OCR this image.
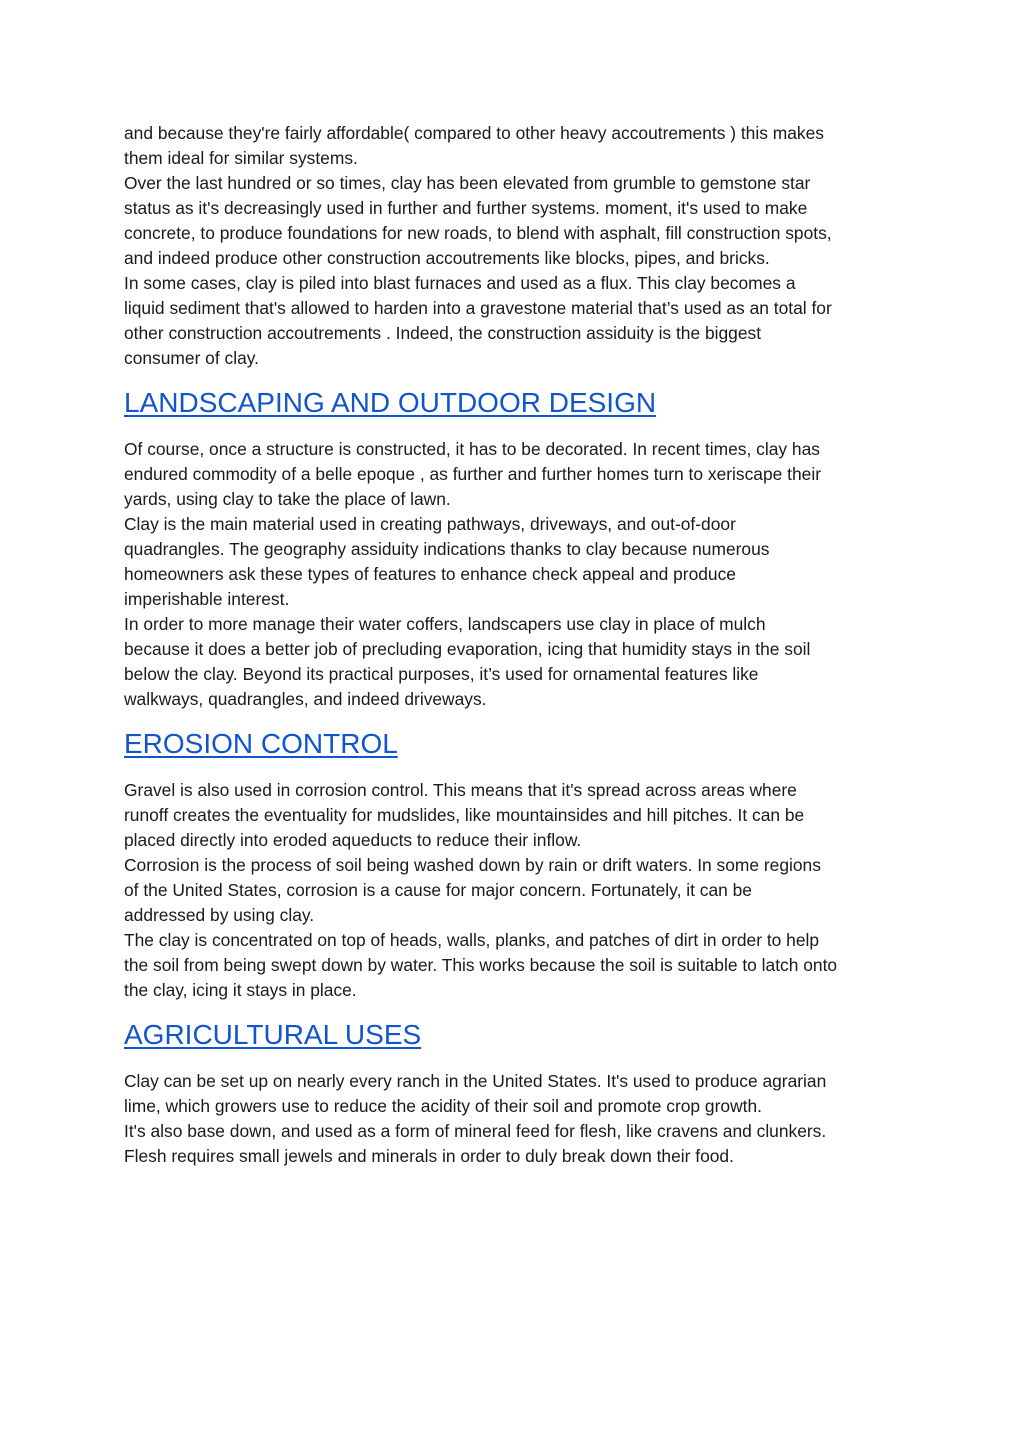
and because they're fairly affordable( compared to other heavy accoutrements ) this makes
them ideal for similar systems.
Over the last hundred or so times, clay has been elevated from grumble to gemstone star
status as it's decreasingly used in further and further systems. moment, it's used to make
concrete, to produce foundations for new roads, to blend with asphalt, fill construction spots,
and indeed produce other construction accoutrements like blocks, pipes, and bricks.
In some cases, clay is piled into blast furnaces and used as a flux. This clay becomes a
liquid sediment that's allowed to harden into a gravestone material that’s used as an total for
other construction accoutrements . Indeed, the construction assiduity is the biggest
consumer of clay.

LANDSCAPING AND OUTDOOR DESIGN

Of course, once a structure is constructed, it has to be decorated. In recent times, clay has
endured commodity of a belle epoque , as further and further homes turn to xeriscape their
yards, using clay to take the place of lawn.
Clay is the main material used in creating pathways, driveways, and out-of-door
quadrangles. The geography assiduity indications thanks to clay because numerous
homeowners ask these types of features to enhance check appeal and produce
imperishable interest.
In order to more manage their water coffers, landscapers use clay in place of mulch
because it does a better job of precluding evaporation, icing that humidity stays in the soil
below the clay. Beyond its practical purposes, it’s used for ornamental features like
walkways, quadrangles, and indeed driveways.

EROSION CONTROL

Gravel is also used in corrosion control. This means that it's spread across areas where
runoff creates the eventuality for mudslides, like mountainsides and hill pitches. It can be
placed directly into eroded aqueducts to reduce their inflow.
Corrosion is the process of soil being washed down by rain or drift waters. In some regions
of the United States, corrosion is a cause for major concern. Fortunately, it can be
addressed by using clay.
The clay is concentrated on top of heads, walls, planks, and patches of dirt in order to help
the soil from being swept down by water. This works because the soil is suitable to latch onto
the clay, icing it stays in place.

AGRICULTURAL USES

Clay can be set up on nearly every ranch in the United States. It's used to produce agrarian
lime, which growers use to reduce the acidity of their soil and promote crop growth.
It's also base down, and used as a form of mineral feed for flesh, like cravens and clunkers.
Flesh requires small jewels and minerals in order to duly break down their food.
